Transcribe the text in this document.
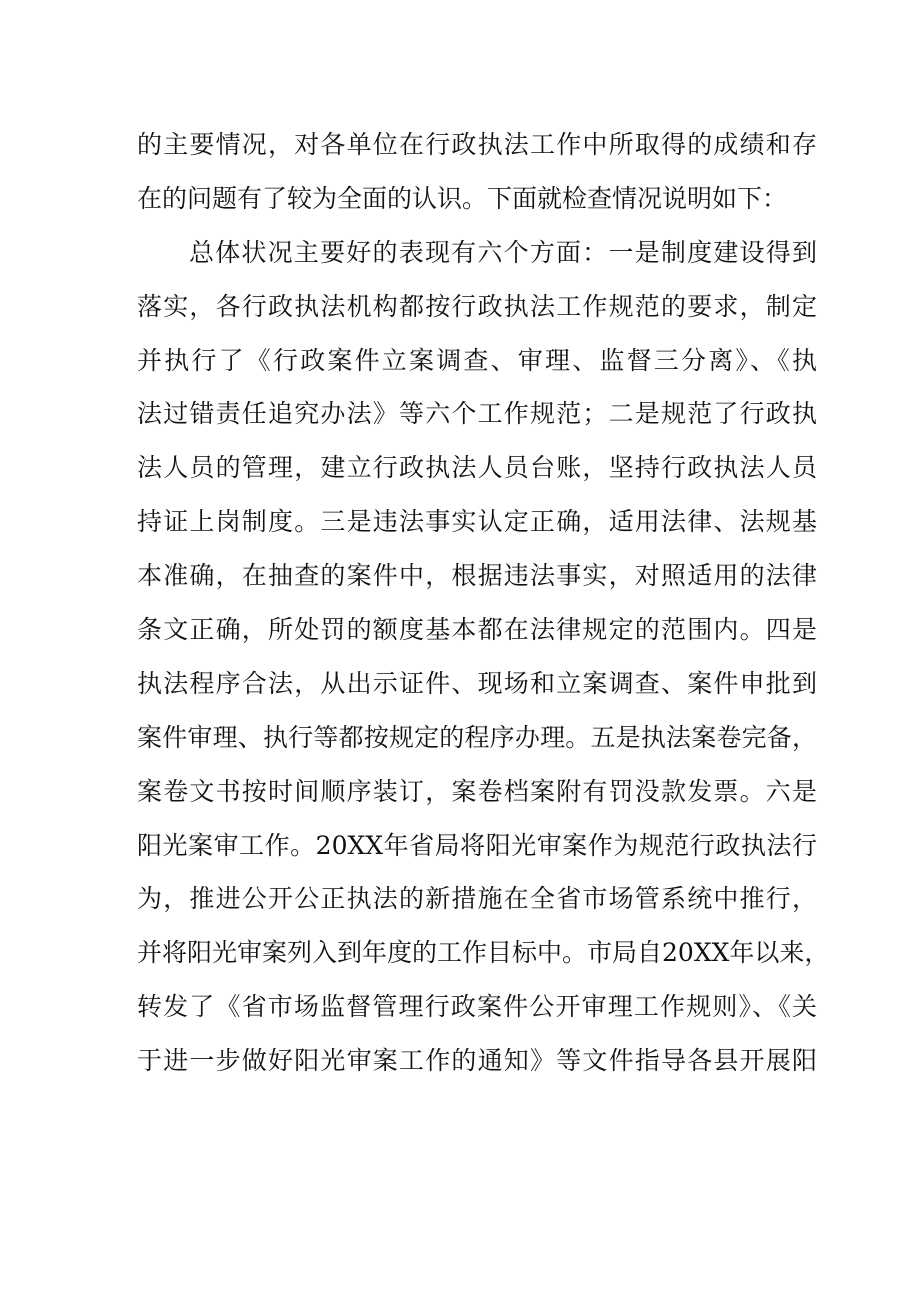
的主要情况，对各单位在行政执法工作中所取得的成绩和存
在的问题有了较为全面的认识。下面就检查情况说明如下：
总体状况主要好的表现有六个方面：一是制度建设得到
落实，各行政执法机构都按行政执法工作规范的要求，制定
并执行了《行政案件立案调查、审理、监督三分离》、《执
法过错责任追究办法》等六个工作规范；二是规范了行政执
法人员的管理，建立行政执法人员台账，坚持行政执法人员
持证上岗制度。三是违法事实认定正确，适用法律、法规基
本准确，在抽查的案件中，根据违法事实，对照适用的法律
条文正确，所处罚的额度基本都在法律规定的范围内。四是
执法程序合法，从出示证件、现场和立案调查、案件申批到
案件审理、执行等都按规定的程序办理。五是执法案卷完备，
案卷文书按时间顺序装订，案卷档案附有罚没款发票。六是
阳光案审工作。20XX年省局将阳光审案作为规范行政执法行
为，推进公开公正执法的新措施在全省市场管系统中推行，
并将阳光审案列入到年度的工作目标中。市局自20XX年以来，
转发了《省市场监督管理行政案件公开审理工作规则》、《关
于进一步做好阳光审案工作的通知》等文件指导各县开展阳
